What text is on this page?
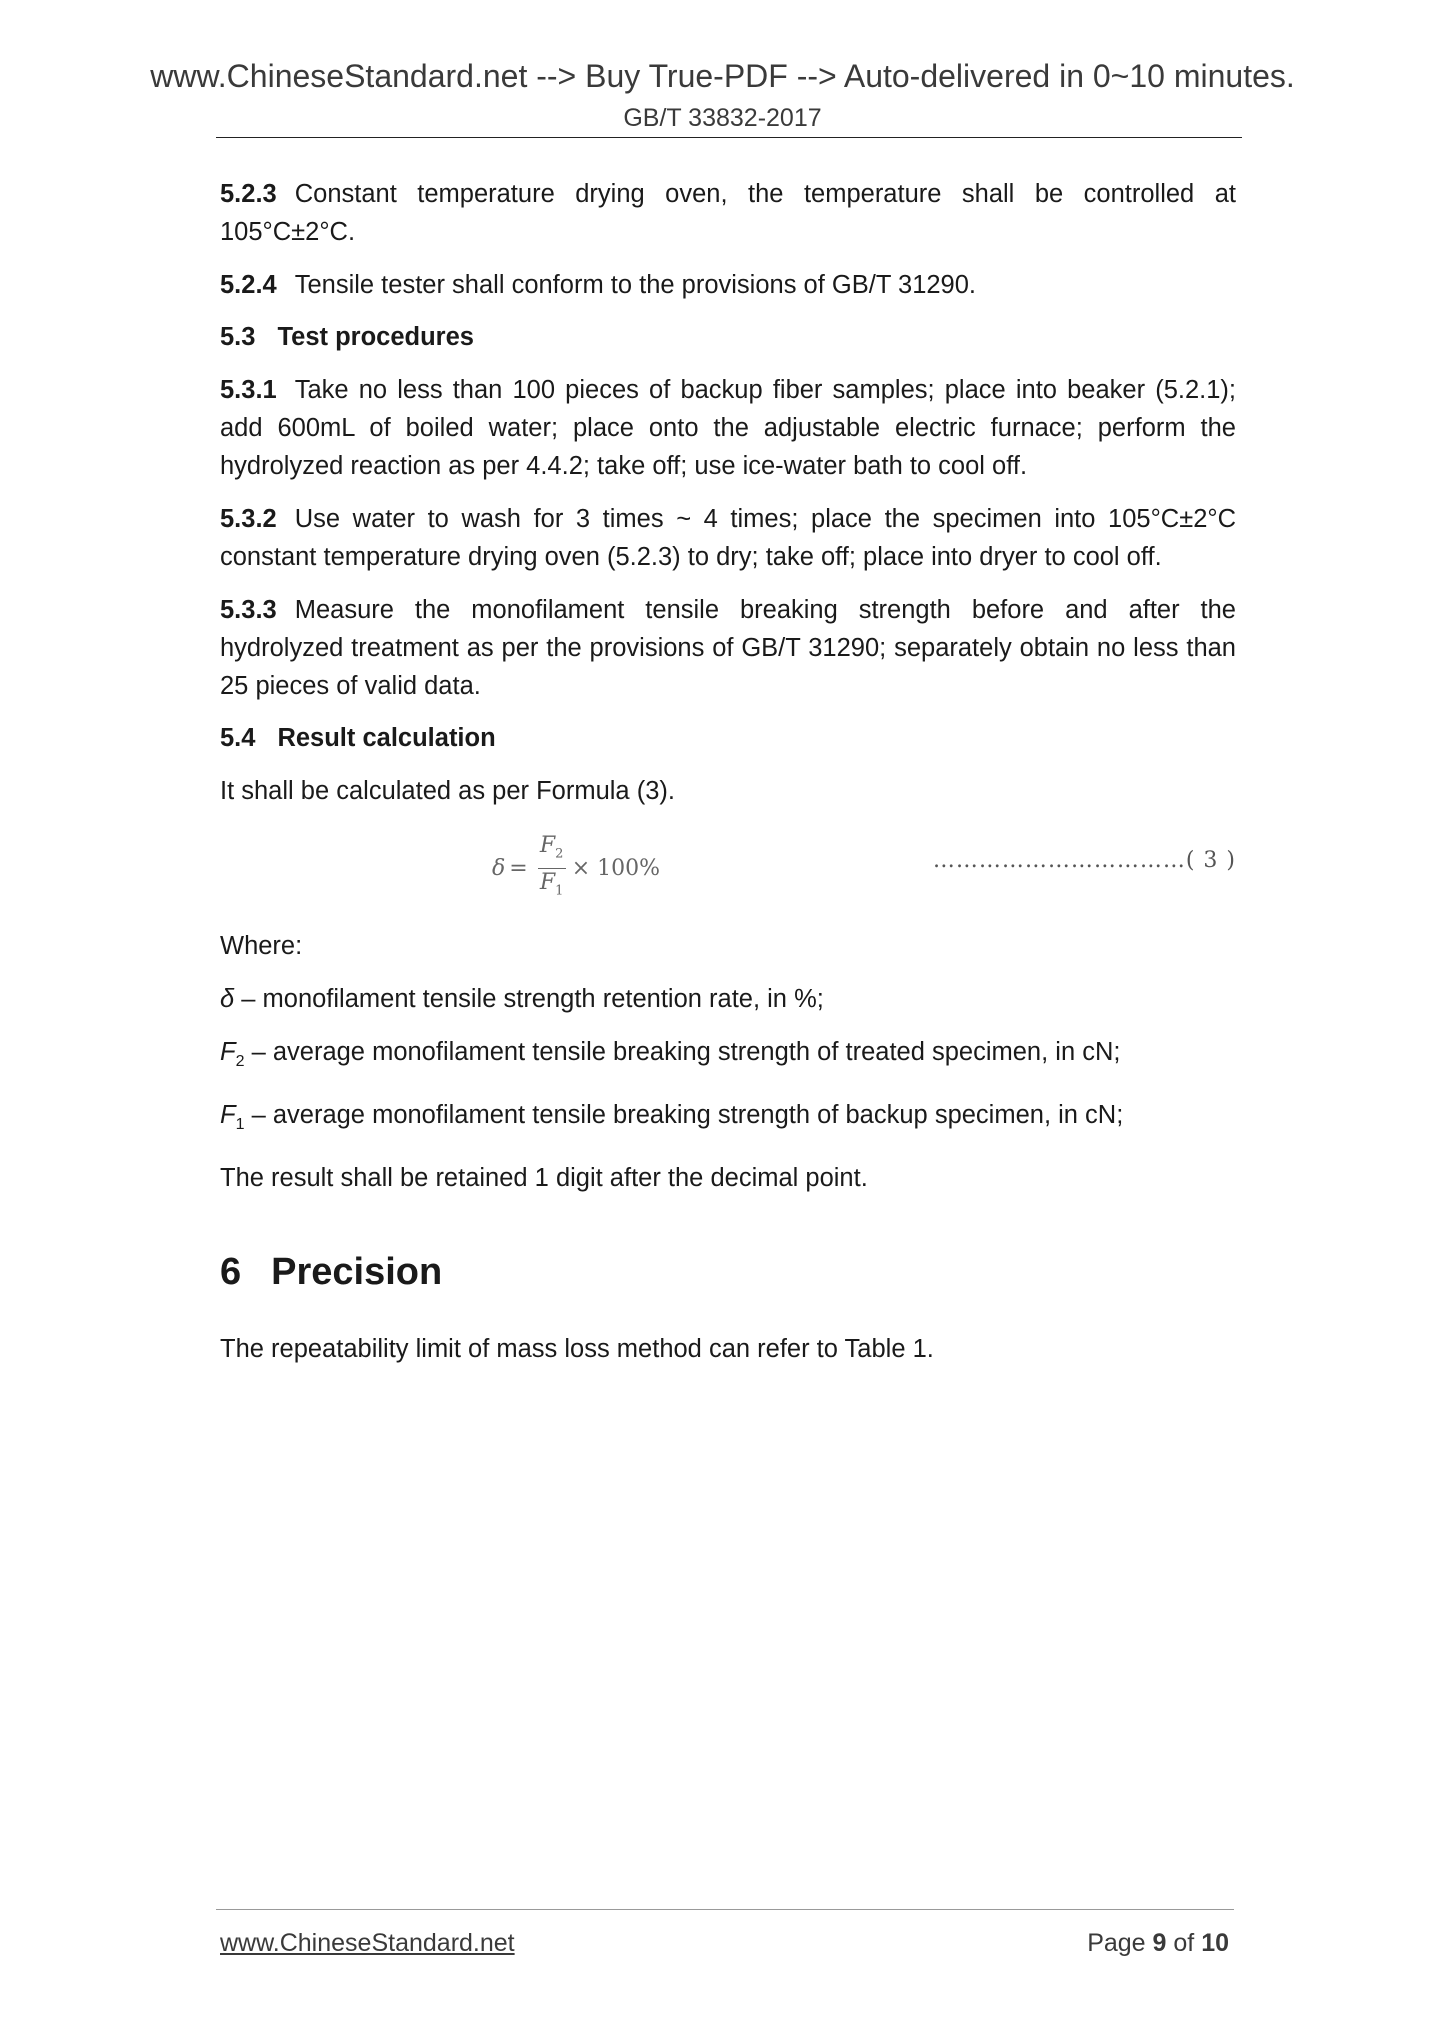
www.ChineseStandard.net --> Buy True-PDF --> Auto-delivered in 0~10 minutes.
GB/T 33832-2017

5.2.3 Constant temperature drying oven, the temperature shall be controlled at 105°C±2°C.

5.2.4 Tensile tester shall conform to the provisions of GB/T 31290.

5.3 Test procedures

5.3.1 Take no less than 100 pieces of backup fiber samples; place into beaker (5.2.1); add 600mL of boiled water; place onto the adjustable electric furnace; perform the hydrolyzed reaction as per 4.4.2; take off; use ice-water bath to cool off.

5.3.2 Use water to wash for 3 times ~ 4 times; place the specimen into 105°C±2°C constant temperature drying oven (5.2.3) to dry; take off; place into dryer to cool off.

5.3.3 Measure the monofilament tensile breaking strength before and after the hydrolyzed treatment as per the provisions of GB/T 31290; separately obtain no less than 25 pieces of valid data.

5.4 Result calculation

It shall be calculated as per Formula (3).

$\delta = \frac{F_2}{F_1} \times 100\%$	……………………………( 3 )

Where:

δ – monofilament tensile strength retention rate, in %;

$F_2$ – average monofilament tensile breaking strength of treated specimen, in cN;

$F_1$ – average monofilament tensile breaking strength of backup specimen, in cN;

The result shall be retained 1 digit after the decimal point.

6 Precision

The repeatability limit of mass loss method can refer to Table 1.

www.ChineseStandard.net	Page 9 of 10
